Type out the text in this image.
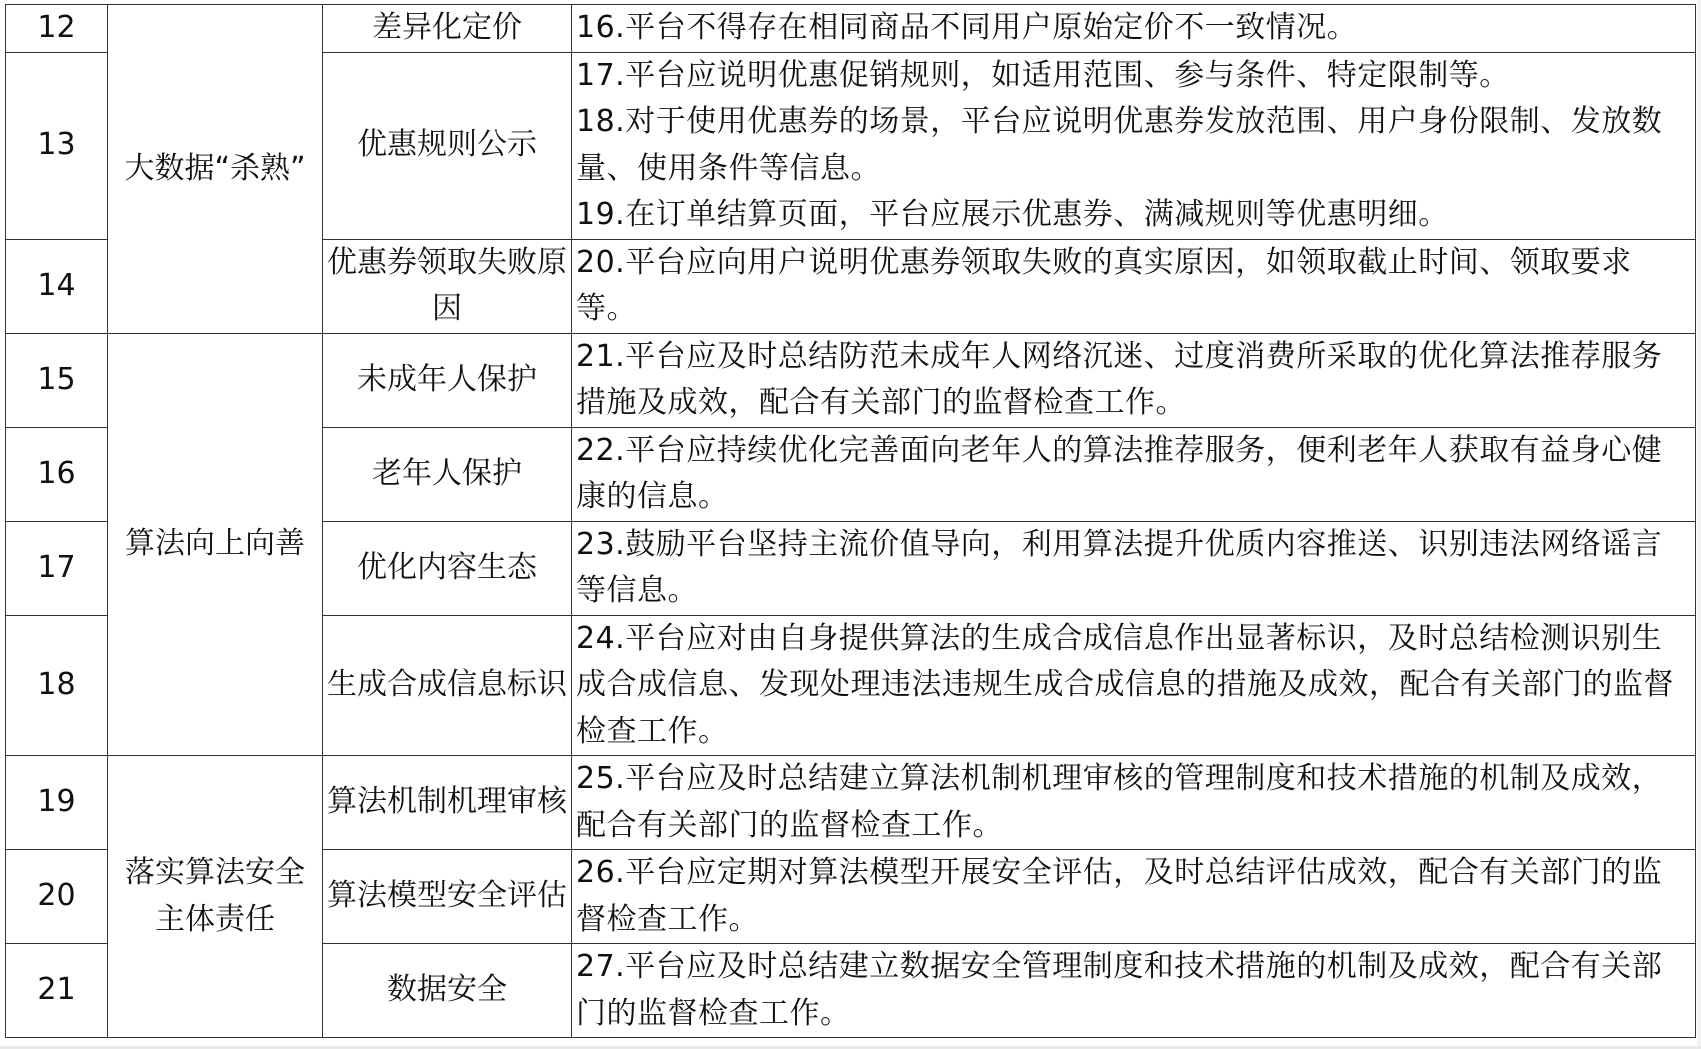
12	大数据“杀熟”	差异化定价	16.平台不得存在相同商品不同用户原始定价不一致情况。

13		优惠规则公示	17.平台应说明优惠促销规则，如适用范围、参与条件、特定限制等。
18.对于使用优惠券的场景，平台应说明优惠券发放范围、用户身份限制、发放数量、使用条件等信息。
19.在订单结算页面，平台应展示优惠券、满减规则等优惠明细。

14		优惠券领取失败原因	20.平台应向用户说明优惠券领取失败的真实原因，如领取截止时间、领取要求等。

15	算法向上向善	未成年人保护	21.平台应及时总结防范未成年人网络沉迷、过度消费所采取的优化算法推荐服务措施及成效，配合有关部门的监督检查工作。

16		老年人保护	22.平台应持续优化完善面向老年人的算法推荐服务，便利老年人获取有益身心健康的信息。

17		优化内容生态	23.鼓励平台坚持主流价值导向，利用算法提升优质内容推送、识别违法网络谣言等信息。

18		生成合成信息标识	24.平台应对由自身提供算法的生成合成信息作出显著标识，及时总结检测识别生成合成信息、发现处理违法违规生成合成信息的措施及成效，配合有关部门的监督检查工作。

19	落实算法安全主体责任	算法机制机理审核	25.平台应及时总结建立算法机制机理审核的管理制度和技术措施的机制及成效，配合有关部门的监督检查工作。

20		算法模型安全评估	26.平台应定期对算法模型开展安全评估，及时总结评估成效，配合有关部门的监督检查工作。

21		数据安全	27.平台应及时总结建立数据安全管理制度和技术措施的机制及成效，配合有关部门的监督检查工作。
